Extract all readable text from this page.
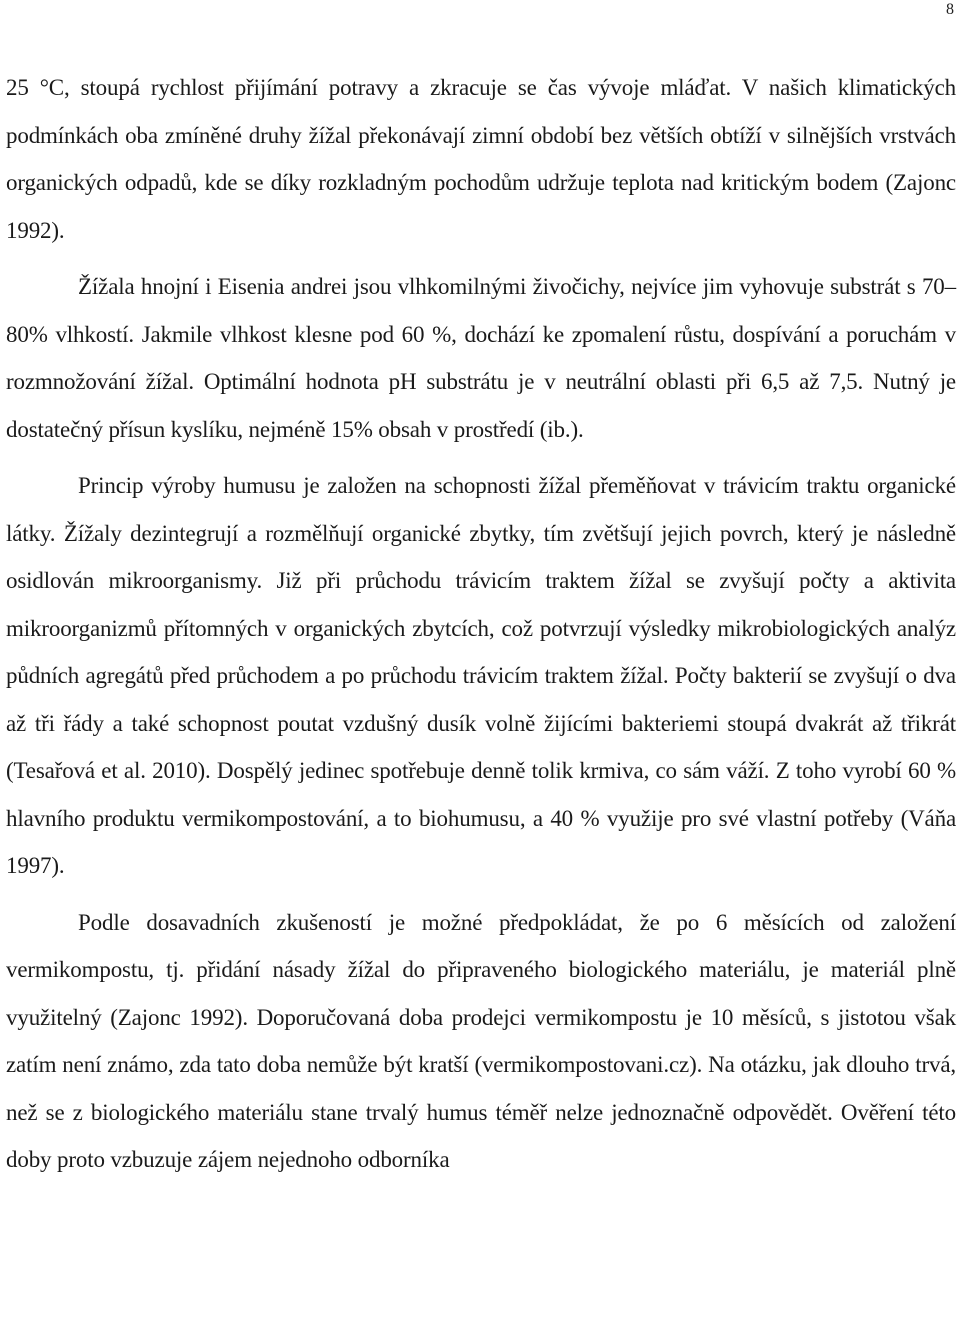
8

25 °C, stoupá rychlost přijímání potravy a zkracuje se čas vývoje mláďat. V našich klimatických podmínkách oba zmíněné druhy žížal překonávají zimní období bez větších obtíží v silnějších vrstvách organických odpadů, kde se díky rozkladným pochodům udržuje teplota nad kritickým bodem (Zajonc 1992).

Žížala hnojní i Eisenia andrei jsou vlhkomilnými živočichy, nejvíce jim vyhovuje substrát s 70–80% vlhkostí. Jakmile vlhkost klesne pod 60 %, dochází ke zpomalení růstu, dospívání a poruchám v rozmnožování žížal. Optimální hodnota pH substrátu je v neutrální oblasti při 6,5 až 7,5. Nutný je dostatečný přísun kyslíku, nejméně 15% obsah v prostředí (ib.).

Princip výroby humusu je založen na schopnosti žížal přeměňovat v trávicím traktu organické látky. Žížaly dezintegrují a rozmělňují organické zbytky, tím zvětšují jejich povrch, který je následně osidlován mikroorganismy. Již při průchodu trávicím traktem žížal se zvyšují počty a aktivita mikroorganizmů přítomných v organických zbytcích, což potvrzují výsledky mikrobiologických analýz půdních agregátů před průchodem a po průchodu trávicím traktem žížal. Počty bakterií se zvyšují o dva až tři řády a také schopnost poutat vzdušný dusík volně žijícími bakteriemi stoupá dvakrát až třikrát (Tesařová et al. 2010). Dospělý jedinec spotřebuje denně tolik krmiva, co sám váží. Z toho vyrobí 60 % hlavního produktu vermikompostování, a to biohumusu, a 40 % využije pro své vlastní potřeby (Váňa 1997).

Podle dosavadních zkušeností je možné předpokládat, že po 6 měsících od založení vermikompostu, tj. přidání násady žížal do připraveného biologického materiálu, je materiál plně využitelný (Zajonc 1992). Doporučovaná doba prodejci vermikompostu je 10 měsíců, s jistotou však zatím není známo, zda tato doba nemůže být kratší (vermikompostovani.cz). Na otázku, jak dlouho trvá, než se z biologického materiálu stane trvalý humus téměř nelze jednoznačně odpovědět. Ověření této doby proto vzbuzuje zájem nejednoho odborníka
